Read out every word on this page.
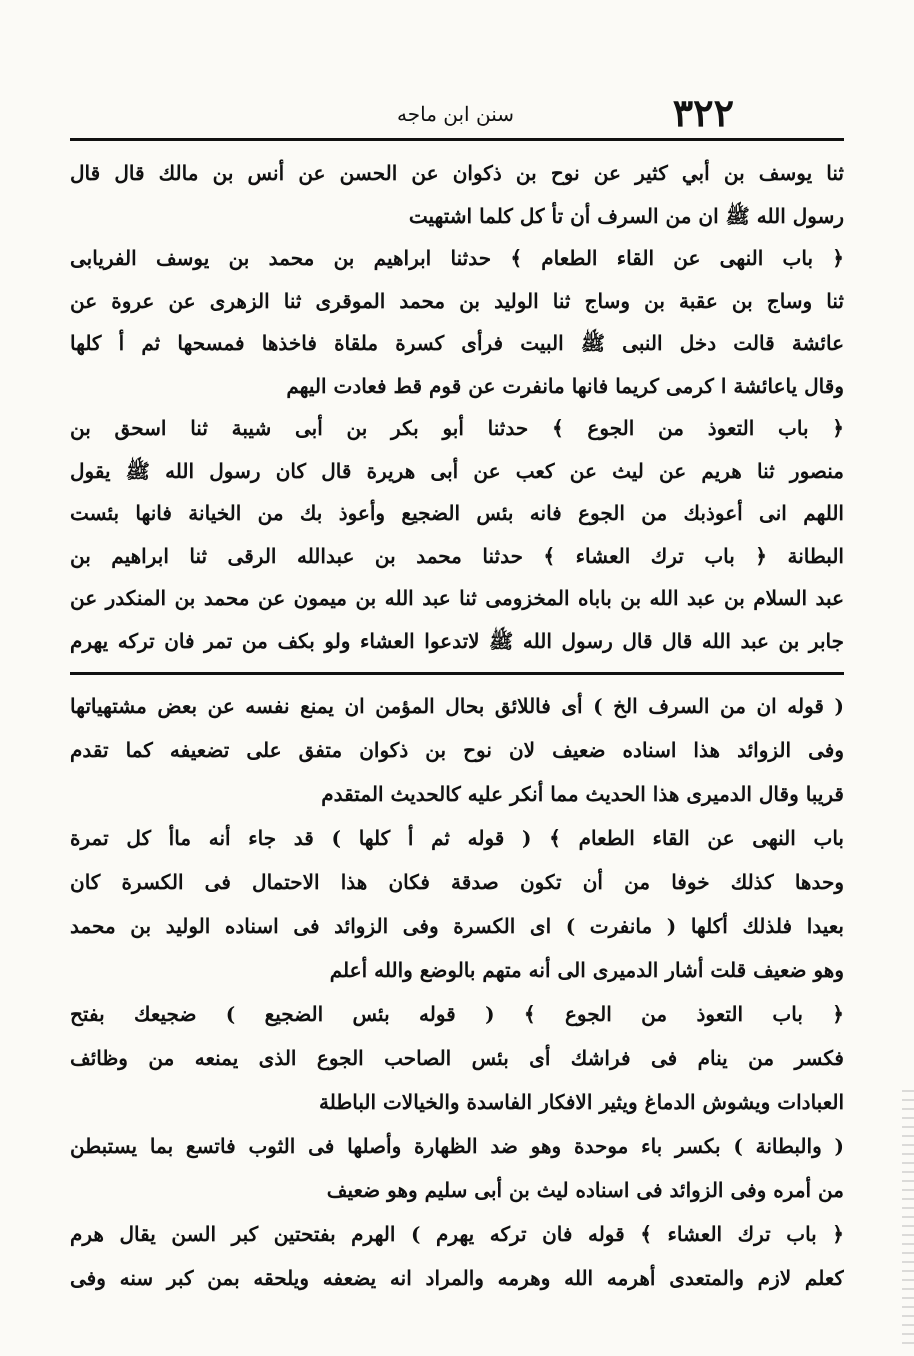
٣٢٢
سنن ابن ماجه
ثنا يوسف بن أبي كثير عن نوح بن ذكوان عن الحسن عن أنس بن مالك قال قال
رسول الله ﷺ ان من السرف أن تأ كل كلما اشتهيت
﴿ باب النهى عن القاء الطعام ﴾ حدثنا ابراهيم بن محمد بن يوسف الفريابى
ثنا وساج بن عقبة بن وساج ثنا الوليد بن محمد الموقرى ثنا الزهرى عن عروة عن
عائشة قالت دخل النبى ﷺ البيت فرأى كسرة ملقاة فاخذها فمسحها ثم أ كلها
وقال ياعائشة ا كرمى كريما فانها مانفرت عن قوم قط فعادت اليهم
﴿ باب التعوذ من الجوع ﴾ حدثنا أبو بكر بن أبى شيبة ثنا اسحق بن
منصور ثنا هريم عن ليث عن كعب عن أبى هريرة قال كان رسول الله ﷺ يقول
اللهم انى أعوذبك من الجوع فانه بئس الضجيع وأعوذ بك من الخيانة فانها بئست
البطانة ﴿ باب ترك العشاء ﴾ حدثنا محمد بن عبدالله الرقى ثنا ابراهيم بن
عبد السلام بن عبد الله بن باباه المخزومى ثنا عبد الله بن ميمون عن محمد بن المنكدر عن
جابر بن عبد الله قال قال رسول الله ﷺ لاتدعوا العشاء ولو بكف من تمر فان تركه يهرم
( قوله ان من السرف الخ ) أى فاللائق بحال المؤمن ان يمنع نفسه عن بعض مشتهياتها
وفى الزوائد هذا اسناده ضعيف لان نوح بن ذكوان متفق على تضعيفه كما تقدم
قريبا وقال الدميرى هذا الحديث مما أنكر عليه كالحديث المتقدم
باب النهى عن القاء الطعام ﴾ ( قوله ثم أ كلها ) قد جاء أنه ماأ كل تمرة
وحدها كذلك خوفا من أن تكون صدقة فكان هذا الاحتمال فى الكسرة كان
بعيدا فلذلك أكلها ( مانفرت ) اى الكسرة وفى الزوائد فى اسناده الوليد بن محمد
وهو ضعيف قلت أشار الدميرى الى أنه متهم بالوضع والله أعلم
﴿ باب التعوذ من الجوع ﴾ ( قوله بئس الضجيع ) ضجيعك بفتح
فكسر من ينام فى فراشك أى بئس الصاحب الجوع الذى يمنعه من وظائف
العبادات ويشوش الدماغ ويثير الافكار الفاسدة والخيالات الباطلة
( والبطانة ) بكسر باء موحدة وهو ضد الظهارة وأصلها فى الثوب فاتسع بما يستبطن
من أمره وفى الزوائد فى اسناده ليث بن أبى سليم وهو ضعيف
﴿ باب ترك العشاء ﴾ قوله فان تركه يهرم ) الهرم بفتحتين كبر السن يقال هرم
كعلم لازم والمتعدى أهرمه الله وهرمه والمراد انه يضعفه ويلحقه بمن كبر سنه وفى
